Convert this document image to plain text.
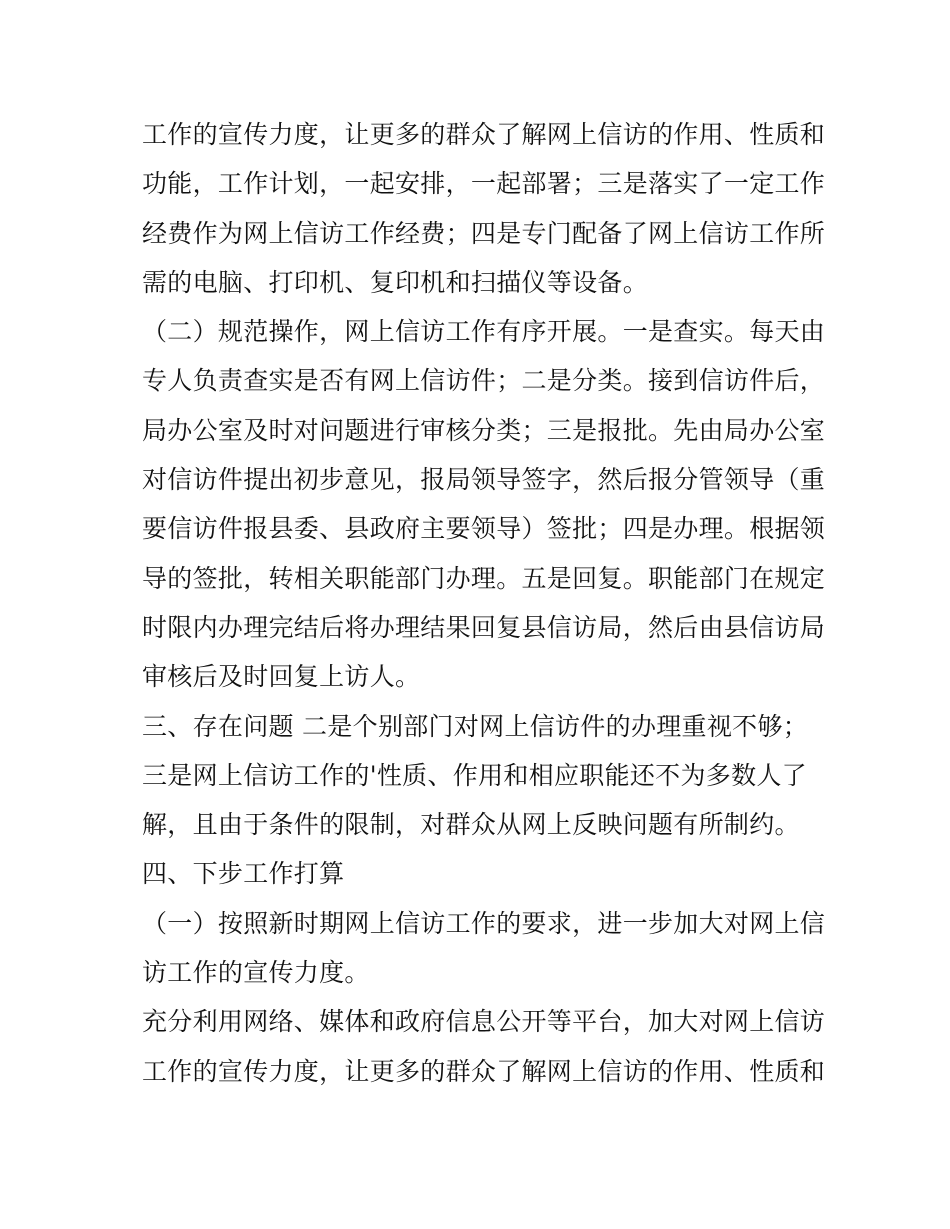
工作的宣传力度，让更多的群众了解网上信访的作用、性质和
功能，工作计划，一起安排，一起部署；三是落实了一定工作
经费作为网上信访工作经费；四是专门配备了网上信访工作所
需的电脑、打印机、复印机和扫描仪等设备。
（二）规范操作，网上信访工作有序开展。一是查实。每天由
专人负责查实是否有网上信访件；二是分类。接到信访件后，
局办公室及时对问题进行审核分类；三是报批。先由局办公室
对信访件提出初步意见，报局领导签字，然后报分管领导（重
要信访件报县委、县政府主要领导）签批；四是办理。根据领
导的签批，转相关职能部门办理。五是回复。职能部门在规定
时限内办理完结后将办理结果回复县信访局，然后由县信访局
审核后及时回复上访人。
三、存在问题 二是个别部门对网上信访件的办理重视不够；
三是网上信访工作的'性质、作用和相应职能还不为多数人了
解，且由于条件的限制，对群众从网上反映问题有所制约。
四、下步工作打算
（一）按照新时期网上信访工作的要求，进一步加大对网上信
访工作的宣传力度。
充分利用网络、媒体和政府信息公开等平台，加大对网上信访
工作的宣传力度，让更多的群众了解网上信访的作用、性质和
